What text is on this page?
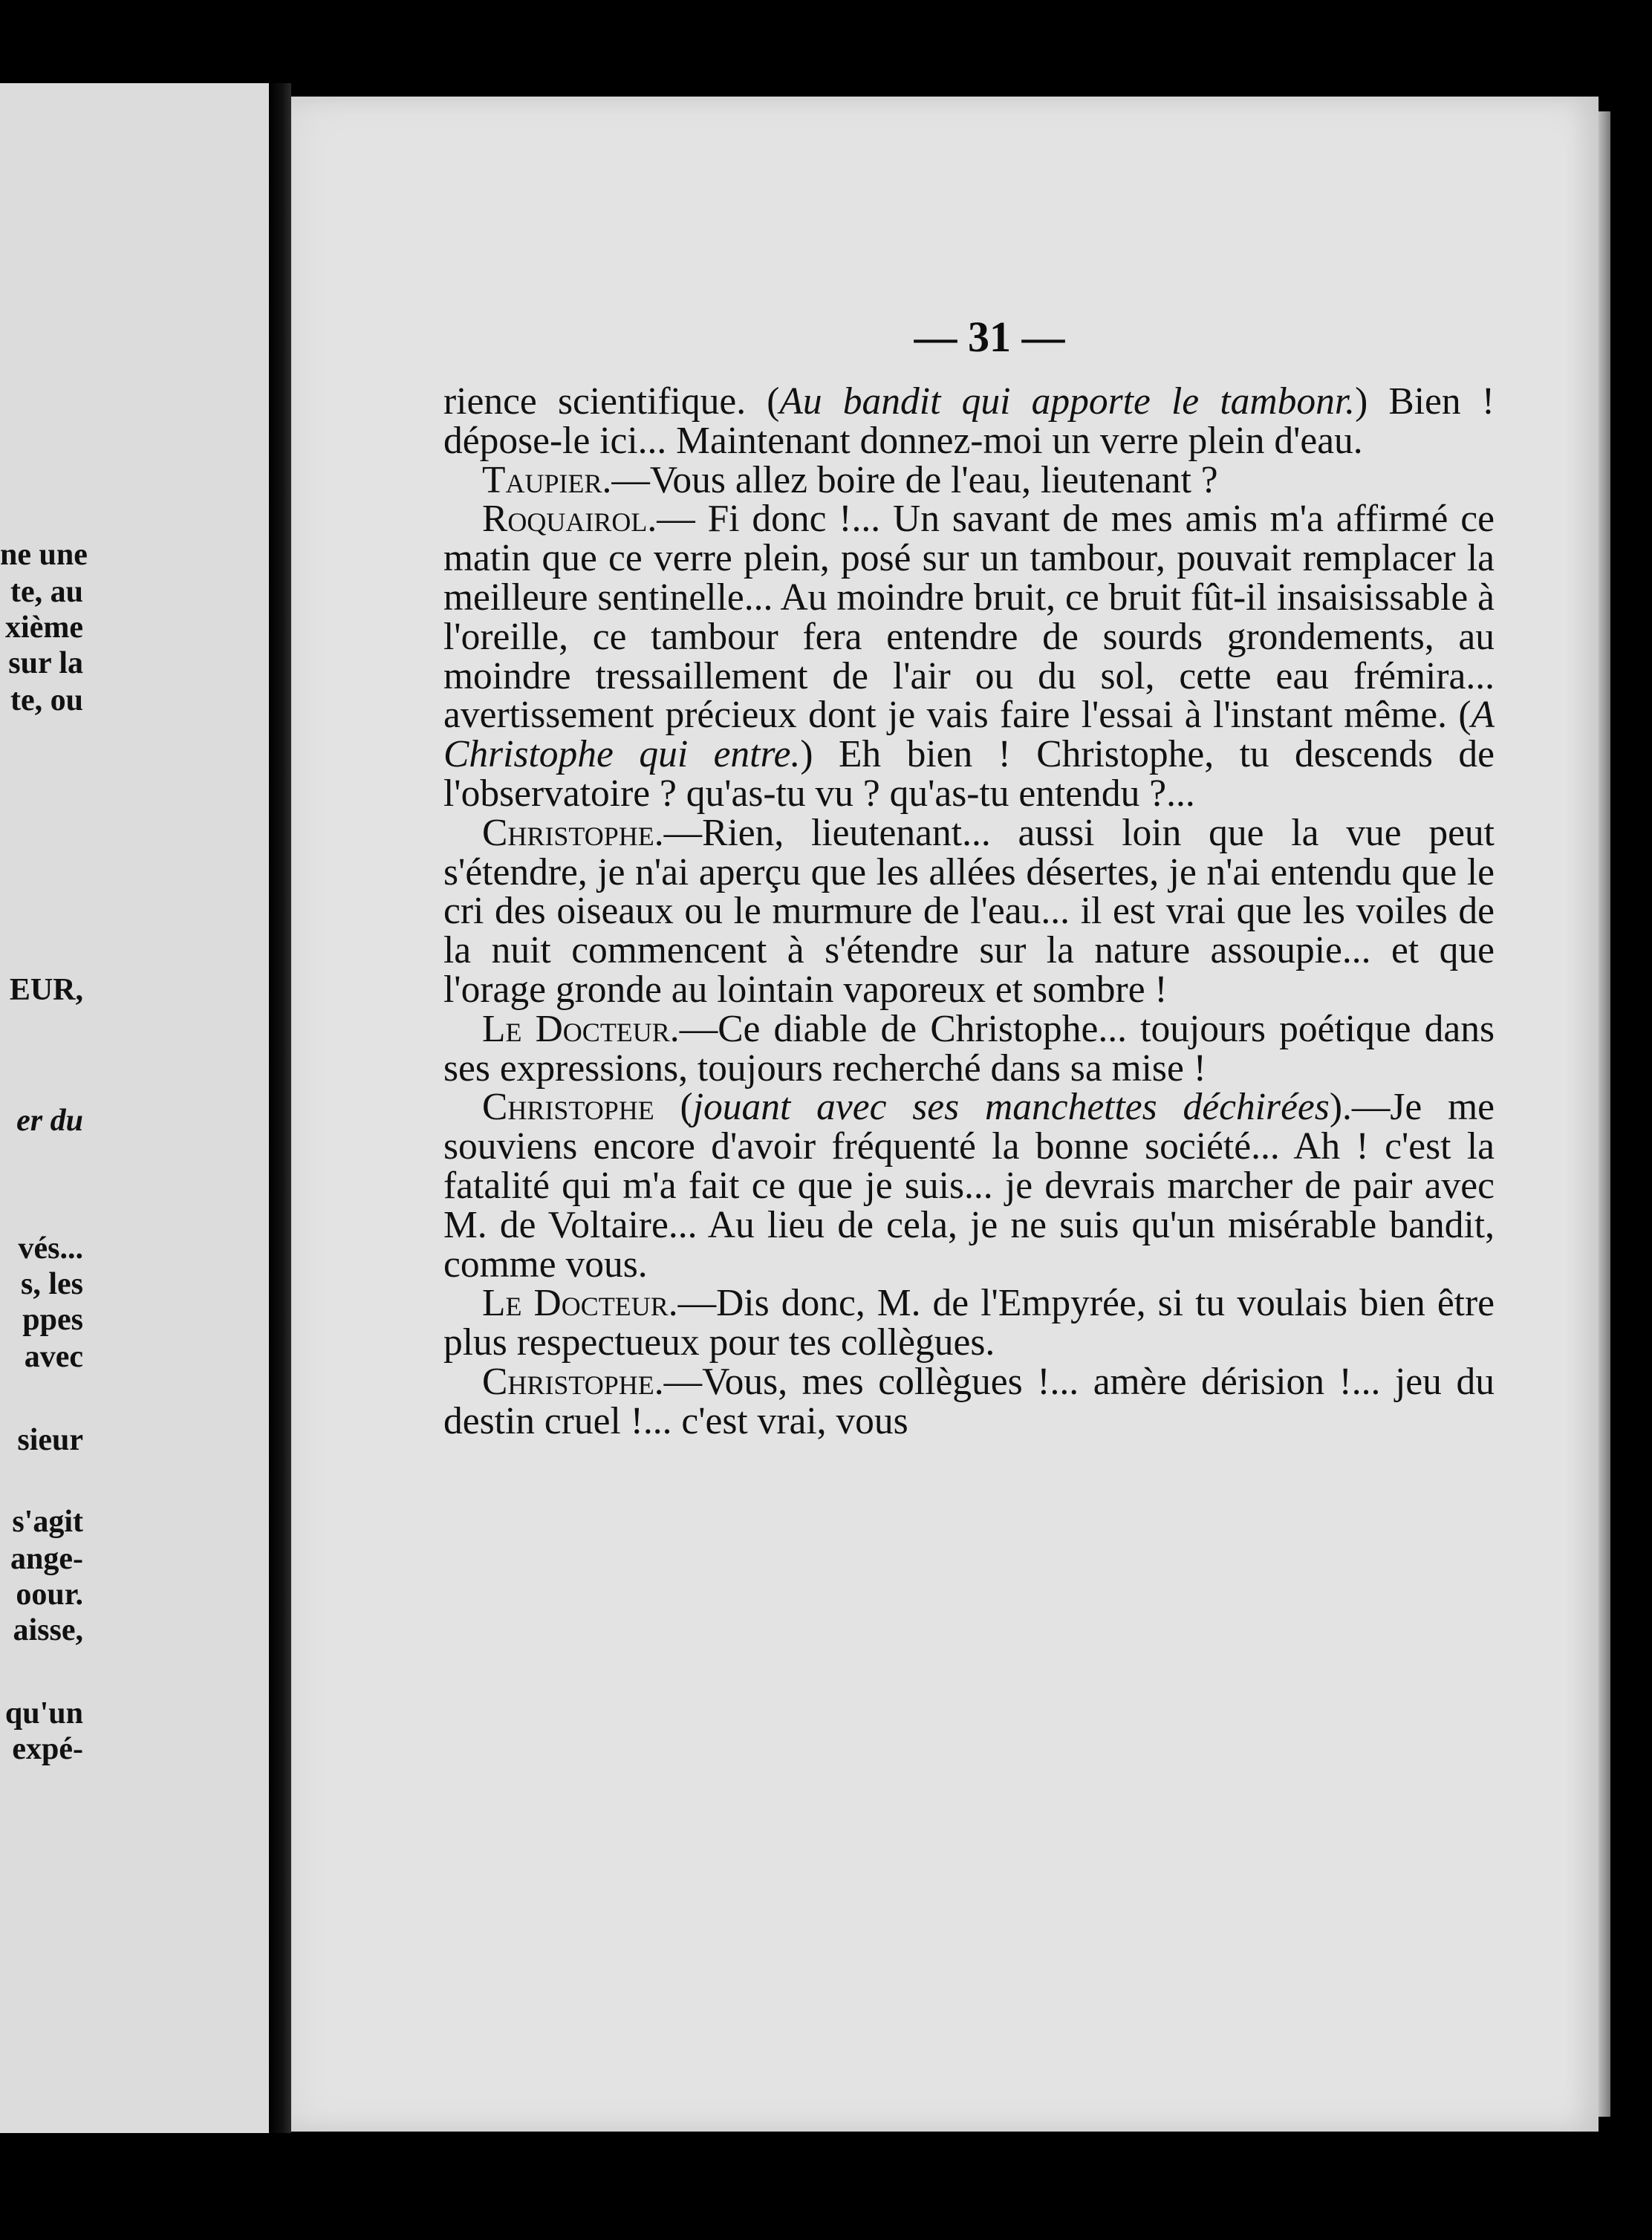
ne une
te, au
xième
sur la
te, ou
EUR,
er du
vés...
s, les
ppes
avec
sieur
s'agit
ange-
oour.
aisse,
qu'un
expé-
— 31 —

rience scientifique. (Au bandit qui apporte le tambonr.) Bien ! dépose-le ici... Maintenant donnez-moi un verre plein d'eau.

Taupier.—Vous allez boire de l'eau, lieutenant ?

Roquairol.— Fi donc !... Un savant de mes amis m'a affirmé ce matin que ce verre plein, posé sur un tambour, pouvait remplacer la meilleure sentinelle... Au moindre bruit, ce bruit fût-il insaisissable à l'oreille, ce tambour fera entendre de sourds grondements, au moindre tressaillement de l'air ou du sol, cette eau frémira... avertissement précieux dont je vais faire l'essai à l'instant même. (A Christophe qui entre.) Eh bien ! Christophe, tu descends de l'observatoire ? qu'as-tu vu ? qu'as-tu entendu ?...

Christophe.—Rien, lieutenant... aussi loin que la vue peut s'étendre, je n'ai aperçu que les allées désertes, je n'ai entendu que le cri des oiseaux ou le murmure de l'eau... il est vrai que les voiles de la nuit commencent à s'étendre sur la nature assoupie... et que l'orage gronde au lointain vaporeux et sombre !

Le Docteur.—Ce diable de Christophe... toujours poétique dans ses expressions, toujours recherché dans sa mise !

Christophe (jouant avec ses manchettes déchirées).—Je me souviens encore d'avoir fréquenté la bonne société... Ah ! c'est la fatalité qui m'a fait ce que je suis... je devrais marcher de pair avec M. de Voltaire... Au lieu de cela, je ne suis qu'un misérable bandit, comme vous.

Le Docteur.—Dis donc, M. de l'Empyrée, si tu voulais bien être plus respectueux pour tes collègues.

Christophe.—Vous, mes collègues !... amère dérision !... jeu du destin cruel !... c'est vrai, vous
